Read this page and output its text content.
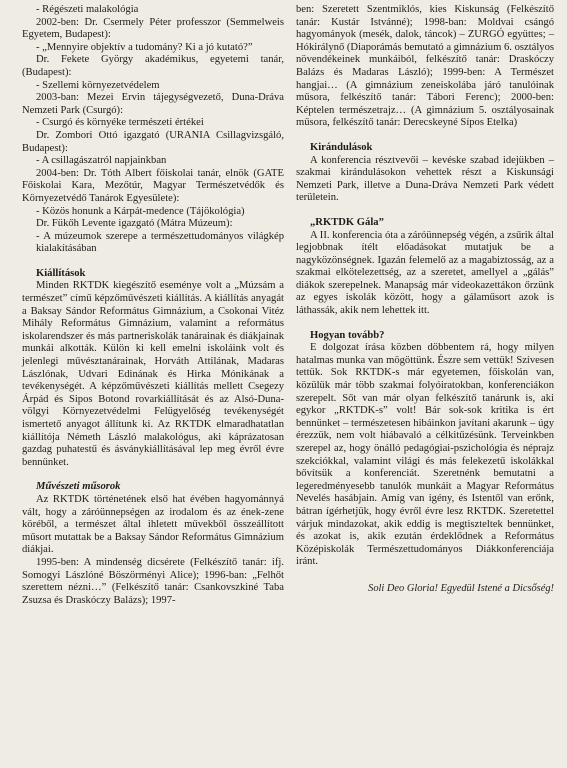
- Régészeti malakológia

2002-ben: Dr. Csermely Péter professzor (Semmelweis Egyetem, Budapest):

- „Mennyire objektív a tudomány? Ki a jó kutató?”

Dr. Fekete György akadémikus, egyetemi tanár, (Budapest):

- Szellemi környezetvédelem

2003-ban: Mezei Ervin tájegységvezető, Duna-Dráva Nemzeti Park (Csurgó):

- Csurgó és környéke természeti értékei

Dr. Zombori Ottó igazgató (URANIA Csillagvizsgáló, Budapest):

- A csillagászatról napjainkban

2004-ben: Dr. Tóth Albert főiskolai tanár, elnök (GATE Főiskolai Kara, Mezőtúr, Magyar Természetvédők és Környezetvédő Tanárok Egyesülete):

- Közös honunk a Kárpát-medence (Tájökológia)

Dr. Fükőh Levente igazgató (Mátra Múzeum):

- A múzeumok szerepe a természettudományos világkép kialakításában

Kiállítások

Minden RKTDK kiegészítő eseménye volt a „Múzsám a természet” című képzőművészeti kiállítás. A kiállítás anyagát a Baksay Sándor Református Gimnázium, a Csokonai Vitéz Mihály Református Gimnázium, valamint a református iskolarendszer és más partneriskolák tanárainak és diákjainak munkái alkották. Külön ki kell emelni iskoláink volt és jelenlegi művésztanárainak, Horváth Attilának, Madaras Lászlónak, Udvari Edinának és Hirka Mónikának a tevékenységét. A képzőművészeti kiállítás mellett Csegezy Árpád és Sipos Botond rovarkiállítását és az Alsó-Duna-völgyi Környezetvédelmi Felügyelőség tevékenységét ismertető anyagot állítunk ki. Az RKTDK elmaradhatatlan kiállítója Németh László malakológus, aki káprázatosan gazdag puhatestű és ásványkiállításával lep meg évről évre bennünket.

Művészeti műsorok

Az RKTDK történetének első hat évében hagyománnyá vált, hogy a záróünnepségen az irodalom és az ének-zene köréből, a természet által ihletett művekből összeállított műsort mutattak be a Baksay Sándor Református Gimnázium diákjai.

1995-ben: A mindenség dicsérete (Felkészítő tanár: ifj. Somogyi Lászlóné Böszörményi Alice); 1996-ban: „Felhőt szerettem nézni…” (Felkészítő tanár: Csankovszkiné Taba Zsuzsa és Draskóczy Balázs); 1997-

ben: Szeretett Szentmiklós, kies Kiskunság (Felkészítő tanár: Kustár Istvánné); 1998-ban: Moldvai csángó hagyományok (mesék, dalok, táncok) – ZURGÓ együttes; – Hókirálynő (Diaporámás bemutató a gimnázium 6. osztályos növendékeinek munkáiból, felkészítő tanár: Draskóczy Balázs és Madaras László); 1999-ben: A Természet hangjai… (A gimnázium zeneiskolába járó tanulóinak műsora, felkészítő tanár: Tábori Ferenc); 2000-ben: Képtelen természetrajz… (A gimnázium 5. osztályosainak műsora, felkészítő tanár: Derecskeyné Sípos Etelka)

Kirándulások

A konferencia résztvevői – kevéske szabad idejükben – szakmai kirándulásokon vehettek részt a Kiskunsági Nemzeti Park, illetve a Duna-Dráva Nemzeti Park védett területein.

„RKTDK Gála”

A II. konferencia óta a záróünnepség végén, a zsűrik által legjobbnak ítélt előadásokat mutatjuk be a nagyközönségnek. Igazán felemelő az a magabiztosság, az a szakmai elkötelezettség, az a szeretet, amellyel a „gálás” diákok szerepelnek. Manapság már videokazettákon őrzünk az egyes iskolák között, hogy a gálaműsort azok is láthassák, akik nem lehettek itt.

Hogyan tovább?

E dolgozat írása közben döbbentem rá, hogy milyen hatalmas munka van mögöttünk. Észre sem vettük! Szívesen tettük. Sok RKTDK-s már egyetemen, főiskolán van, közülük már több szakmai folyóiratokban, konferenciákon szerepelt. Sőt van már olyan felkészítő tanárunk is, aki egykor „RKTDK-s” volt! Bár sok-sok kritika is ért bennünket – természetesen hibáinkon javítani akarunk – úgy érezzük, nem volt hiábavaló a célkitűzésünk. Terveinkben szerepel az, hogy önálló pedagógiai-pszichológia és néprajz szekciókkal, valamint világi és más felekezetű iskolákkal bővítsük a konferenciát. Szeretnénk bemutatni a legeredményesebb tanulók munkáit a Magyar Református Nevelés hasábjain. Amíg van igény, és Istentől van erőnk, bátran ígérhetjük, hogy évről évre lesz RKTDK. Szeretettel várjuk mindazokat, akik eddig is megtiszteltek bennünket, és azokat is, akik ezután érdeklődnek a Református Középiskolák Természettudományos Diákkonferenciája iránt.

Soli Deo Gloria! Egyedül Istené a Dicsőség!
